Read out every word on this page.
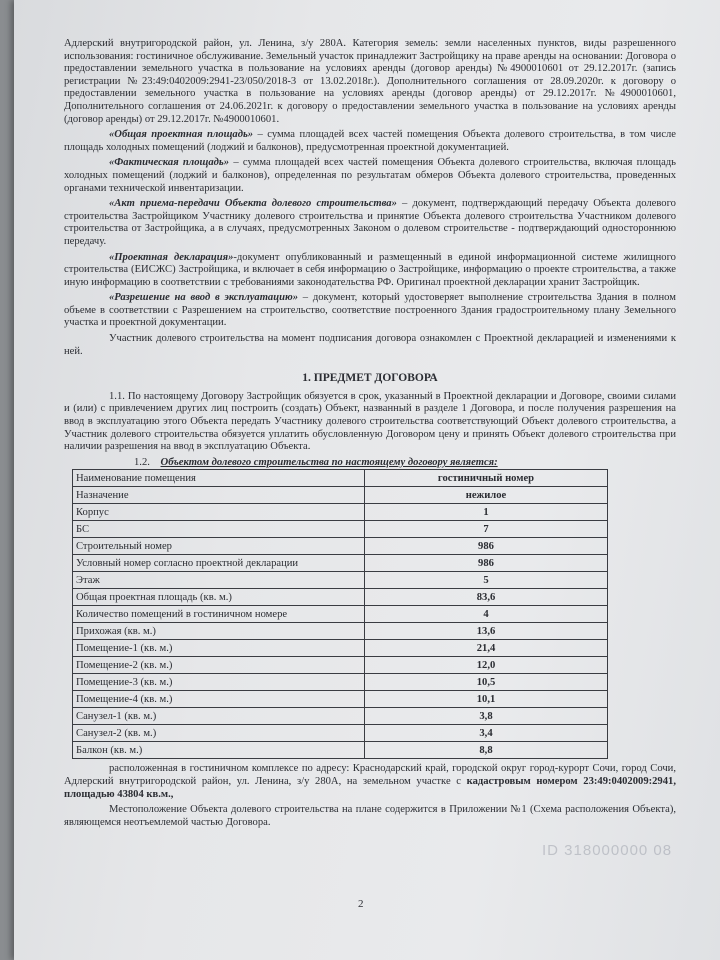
Адлерский внутригородской район, ул. Ленина, з/у 280А. Категория земель: земли населенных пунктов, виды разрешенного использования: гостиничное обслуживание. Земельный участок принадлежит Застройщику на праве аренды на основании: Договора о предоставлении земельного участка в пользование на условиях аренды (договор аренды) №4900010601 от 29.12.2017г. (запись регистрации №23:49:0402009:2941-23/050/2018-3 от 13.02.2018г.). Дополнительного соглашения от 28.09.2020г. к договору о предоставлении земельного участка в пользование на условиях аренды (договор аренды) от 29.12.2017г. №4900010601, Дополнительного соглашения от 24.06.2021г. к договору о предоставлении земельного участка в пользование на условиях аренды (договор аренды) от 29.12.2017г. №4900010601.

«Общая проектная площадь» – сумма площадей всех частей помещения Объекта долевого строительства, в том числе площадь холодных помещений (лоджий и балконов), предусмотренная проектной документацией.

«Фактическая площадь» – сумма площадей всех частей помещения Объекта долевого строительства, включая площадь холодных помещений (лоджий и балконов), определенная по результатам обмеров Объекта долевого строительства, проведенных органами технической инвентаризации.

«Акт приема-передачи Объекта долевого строительства» – документ, подтверждающий передачу Объекта долевого строительства Застройщиком Участнику долевого строительства и принятие Объекта долевого строительства Участником долевого строительства от Застройщика, а в случаях, предусмотренных Законом о долевом строительстве - подтверждающий одностороннюю передачу.

«Проектная декларация»-документ опубликованный и размещенный в единой информационной системе жилищного строительства (ЕИСЖС) Застройщика, и включает в себя информацию о Застройщике, информацию о проекте строительства, а также иную информацию в соответствии с требованиями законодательства РФ. Оригинал проектной декларации хранит Застройщик.

«Разрешение на ввод в эксплуатацию» – документ, который удостоверяет выполнение строительства Здания в полном объеме в соответствии с Разрешением на строительство, соответствие построенного Здания градостроительному плану Земельного участка и проектной документации.

Участник долевого строительства на момент подписания договора ознакомлен с Проектной декларацией и изменениями к ней.

1. ПРЕДМЕТ ДОГОВОРА

1.1. По настоящему Договору Застройщик обязуется в срок, указанный в Проектной декларации и Договоре, своими силами и (или) с привлечением других лиц построить (создать) Объект, названный в разделе 1 Договора, и после получения разрешения на ввод в эксплуатацию этого Объекта передать Участнику долевого строительства соответствующий Объект долевого строительства, а Участник долевого строительства обязуется уплатить обусловленную Договором цену и принять Объект долевого строительства при наличии разрешения на ввод в эксплуатацию Объекта.

1.2. Объектом долевого строительства по настоящему договору является:
Наименование помещения	гостиничный номер
Назначение	нежилое
Корпус	1
БС	7
Строительный номер	986
Условный номер согласно проектной декларации	986
Этаж	5
Общая проектная площадь (кв. м.)	83,6
Количество помещений в гостиничном номере	4
Прихожая (кв. м.)	13,6
Помещение-1 (кв. м.)	21,4
Помещение-2 (кв. м.)	12,0
Помещение-3 (кв. м.)	10,5
Помещение-4 (кв. м.)	10,1
Санузел-1 (кв. м.)	3,8
Санузел-2 (кв. м.)	3,4
Балкон (кв. м.)	8,8

расположенная в гостиничном комплексе по адресу: Краснодарский край, городской округ город-курорт Сочи, город Сочи, Адлерский внутригородской район, ул. Ленина, з/у 280А, на земельном участке с кадастровым номером 23:49:0402009:2941, площадью 43804 кв.м.,

Местоположение Объекта долевого строительства на плане содержится в Приложении №1 (Схема расположения Объекта), являющемся неотъемлемой частью Договора.

ID 318000000 08
2
